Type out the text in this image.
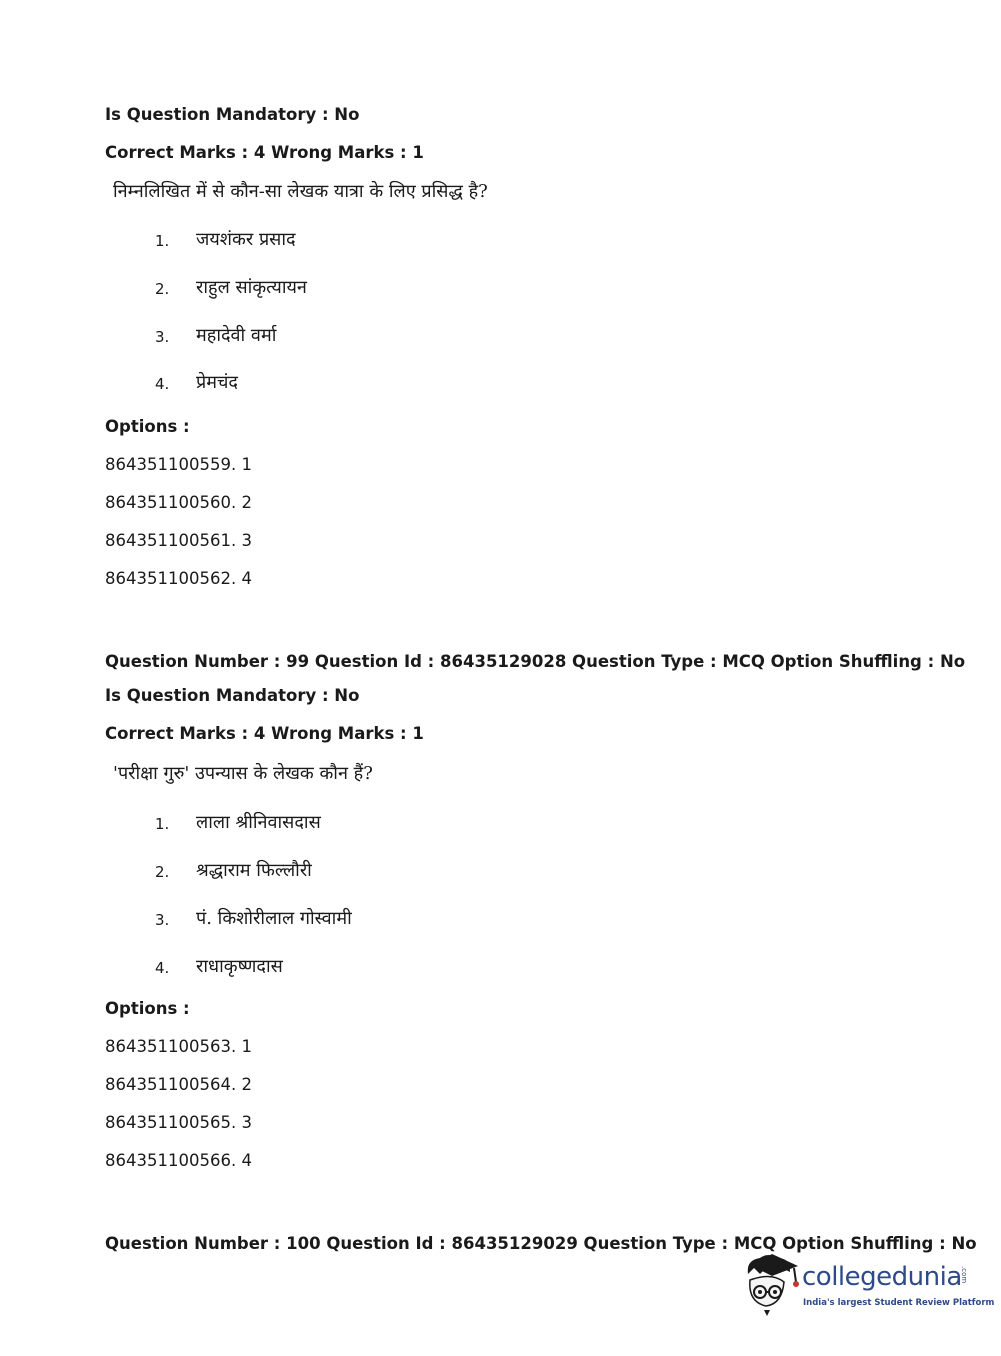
Is Question Mandatory : No
Correct Marks : 4 Wrong Marks : 1
निम्नलिखित में से कौन-सा लेखक यात्रा के लिए प्रसिद्ध है?
1. जयशंकर प्रसाद
2. राहुल सांकृत्यायन
3. महादेवी वर्मा
4. प्रेमचंद
Options :
864351100559. 1
864351100560. 2
864351100561. 3
864351100562. 4
Question Number : 99 Question Id : 86435129028 Question Type : MCQ Option Shuffling : No
Is Question Mandatory : No
Correct Marks : 4 Wrong Marks : 1
'परीक्षा गुरु' उपन्यास के लेखक कौन हैं?
1. लाला श्रीनिवासदास
2. श्रद्धाराम फिल्लौरी
3. पं. किशोरीलाल गोस्वामी
4. राधाकृष्णदास
Options :
864351100563. 1
864351100564. 2
864351100565. 3
864351100566. 4
Question Number : 100 Question Id : 86435129029 Question Type : MCQ Option Shuffling : No
collegedunia
.com
India's largest Student Review Platform
